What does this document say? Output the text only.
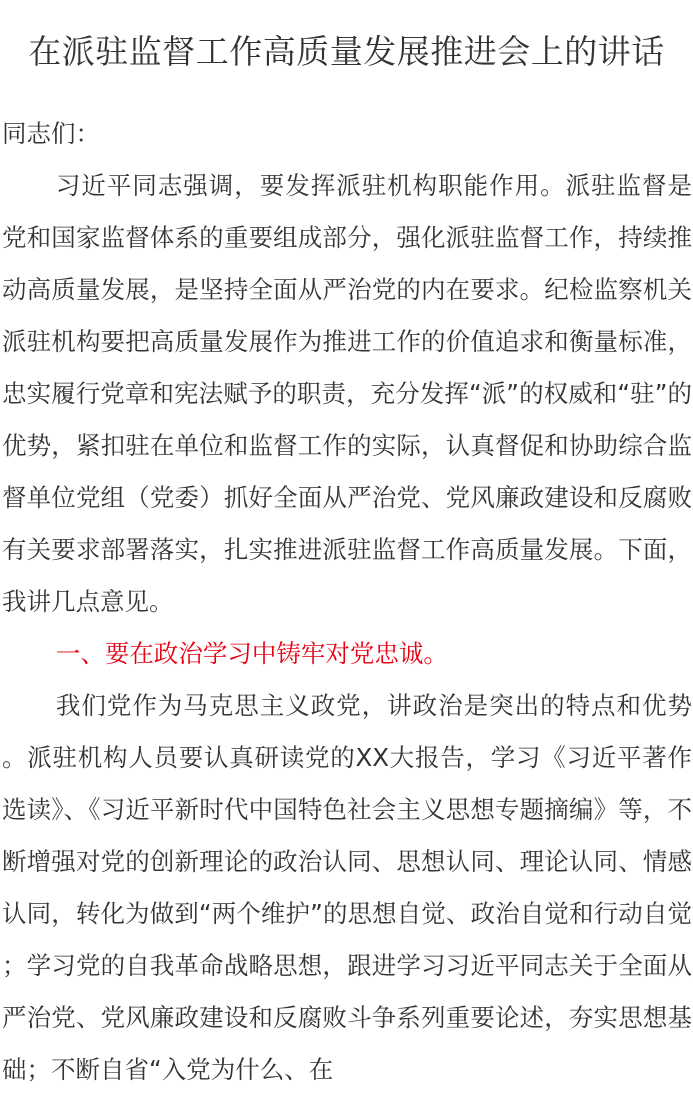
在派驻监督工作高质量发展推进会上的讲话

同志们：

习近平同志强调，要发挥派驻机构职能作用。派驻监督是党和国家监督体系的重要组成部分，强化派驻监督工作，持续推动高质量发展，是坚持全面从严治党的内在要求。纪检监察机关派驻机构要把高质量发展作为推进工作的价值追求和衡量标准，忠实履行党章和宪法赋予的职责，充分发挥“派”的权威和“驻”的优势，紧扣驻在单位和监督工作的实际，认真督促和协助综合监督单位党组（党委）抓好全面从严治党、党风廉政建设和反腐败有关要求部署落实，扎实推进派驻监督工作高质量发展。下面，我讲几点意见。

一、要在政治学习中铸牢对党忠诚。

我们党作为马克思主义政党，讲政治是突出的特点和优势。派驻机构人员要认真研读党的XX大报告，学习《习近平著作选读》、《习近平新时代中国特色社会主义思想专题摘编》等，不断增强对党的创新理论的政治认同、思想认同、理论认同、情感认同，转化为做到“两个维护”的思想自觉、政治自觉和行动自觉；学习党的自我革命战略思想，跟进学习习近平同志关于全面从严治党、党风廉政建设和反腐败斗争系列重要论述，夯实思想基础；不断自省“入党为什么、在
